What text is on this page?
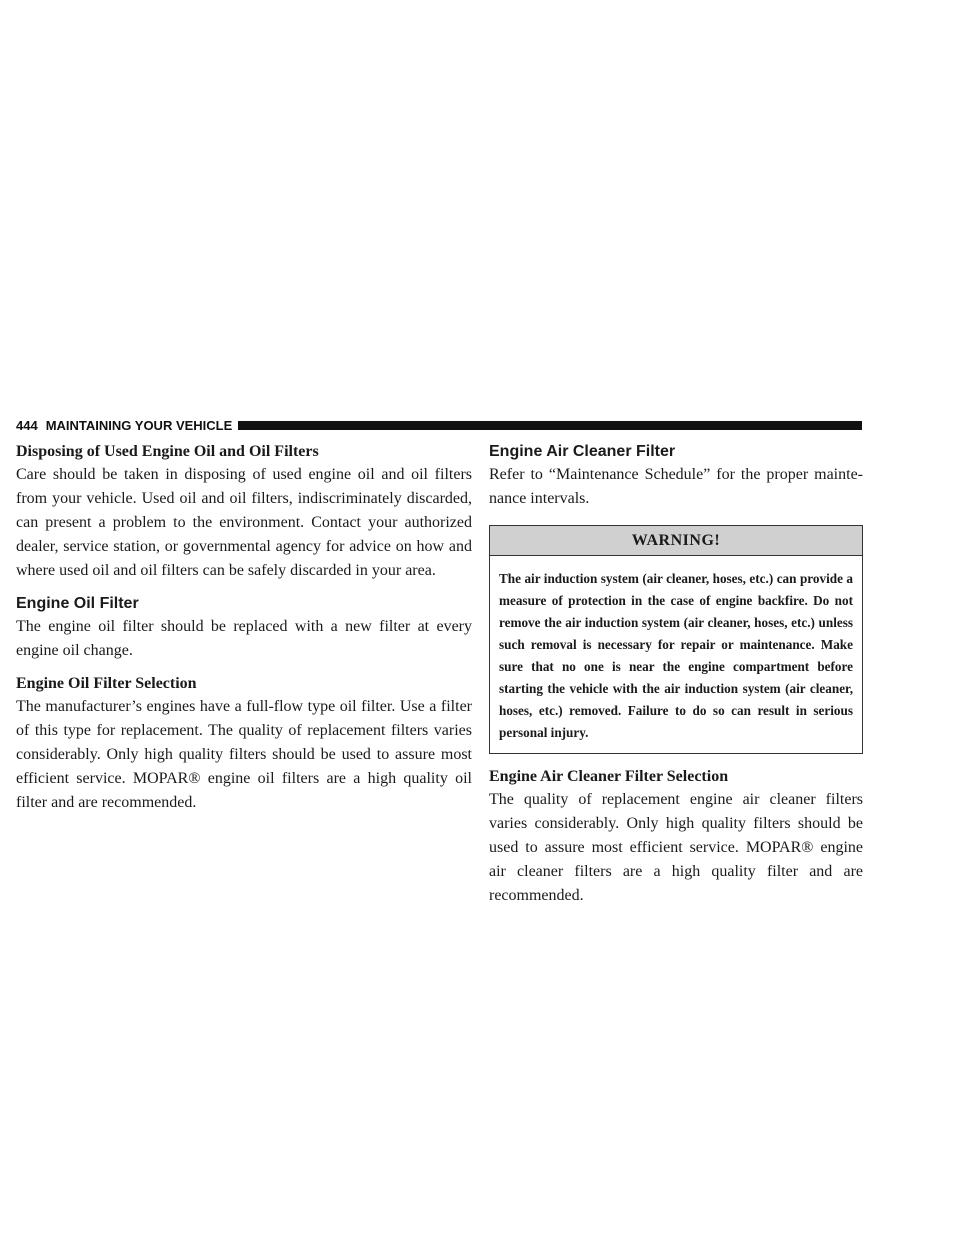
444 MAINTAINING YOUR VEHICLE
Disposing of Used Engine Oil and Oil Filters

Care should be taken in disposing of used engine oil and oil filters from your vehicle. Used oil and oil filters, indiscriminately discarded, can present a problem to the environment. Contact your authorized dealer, service station, or governmental agency for advice on how and where used oil and oil filters can be safely discarded in your area.

Engine Oil Filter

The engine oil filter should be replaced with a new filter at every engine oil change.

Engine Oil Filter Selection

The manufacturer’s engines have a full-flow type oil filter. Use a filter of this type for replacement. The quality of replacement filters varies considerably. Only high quality filters should be used to assure most efficient service. MOPAR® engine oil filters are a high quality oil filter and are recommended.

Engine Air Cleaner Filter

Refer to “Maintenance Schedule” for the proper mainte-nance intervals.

WARNING!
The air induction system (air cleaner, hoses, etc.) can provide a measure of protection in the case of engine backfire. Do not remove the air induction system (air cleaner, hoses, etc.) unless such removal is necessary for repair or maintenance. Make sure that no one is near the engine compartment before starting the vehicle with the air induction system (air cleaner, hoses, etc.) removed. Failure to do so can result in serious personal injury.
Engine Air Cleaner Filter Selection

The quality of replacement engine air cleaner filters varies considerably. Only high quality filters should be used to assure most efficient service. MOPAR® engine air cleaner filters are a high quality filter and are recommended.
